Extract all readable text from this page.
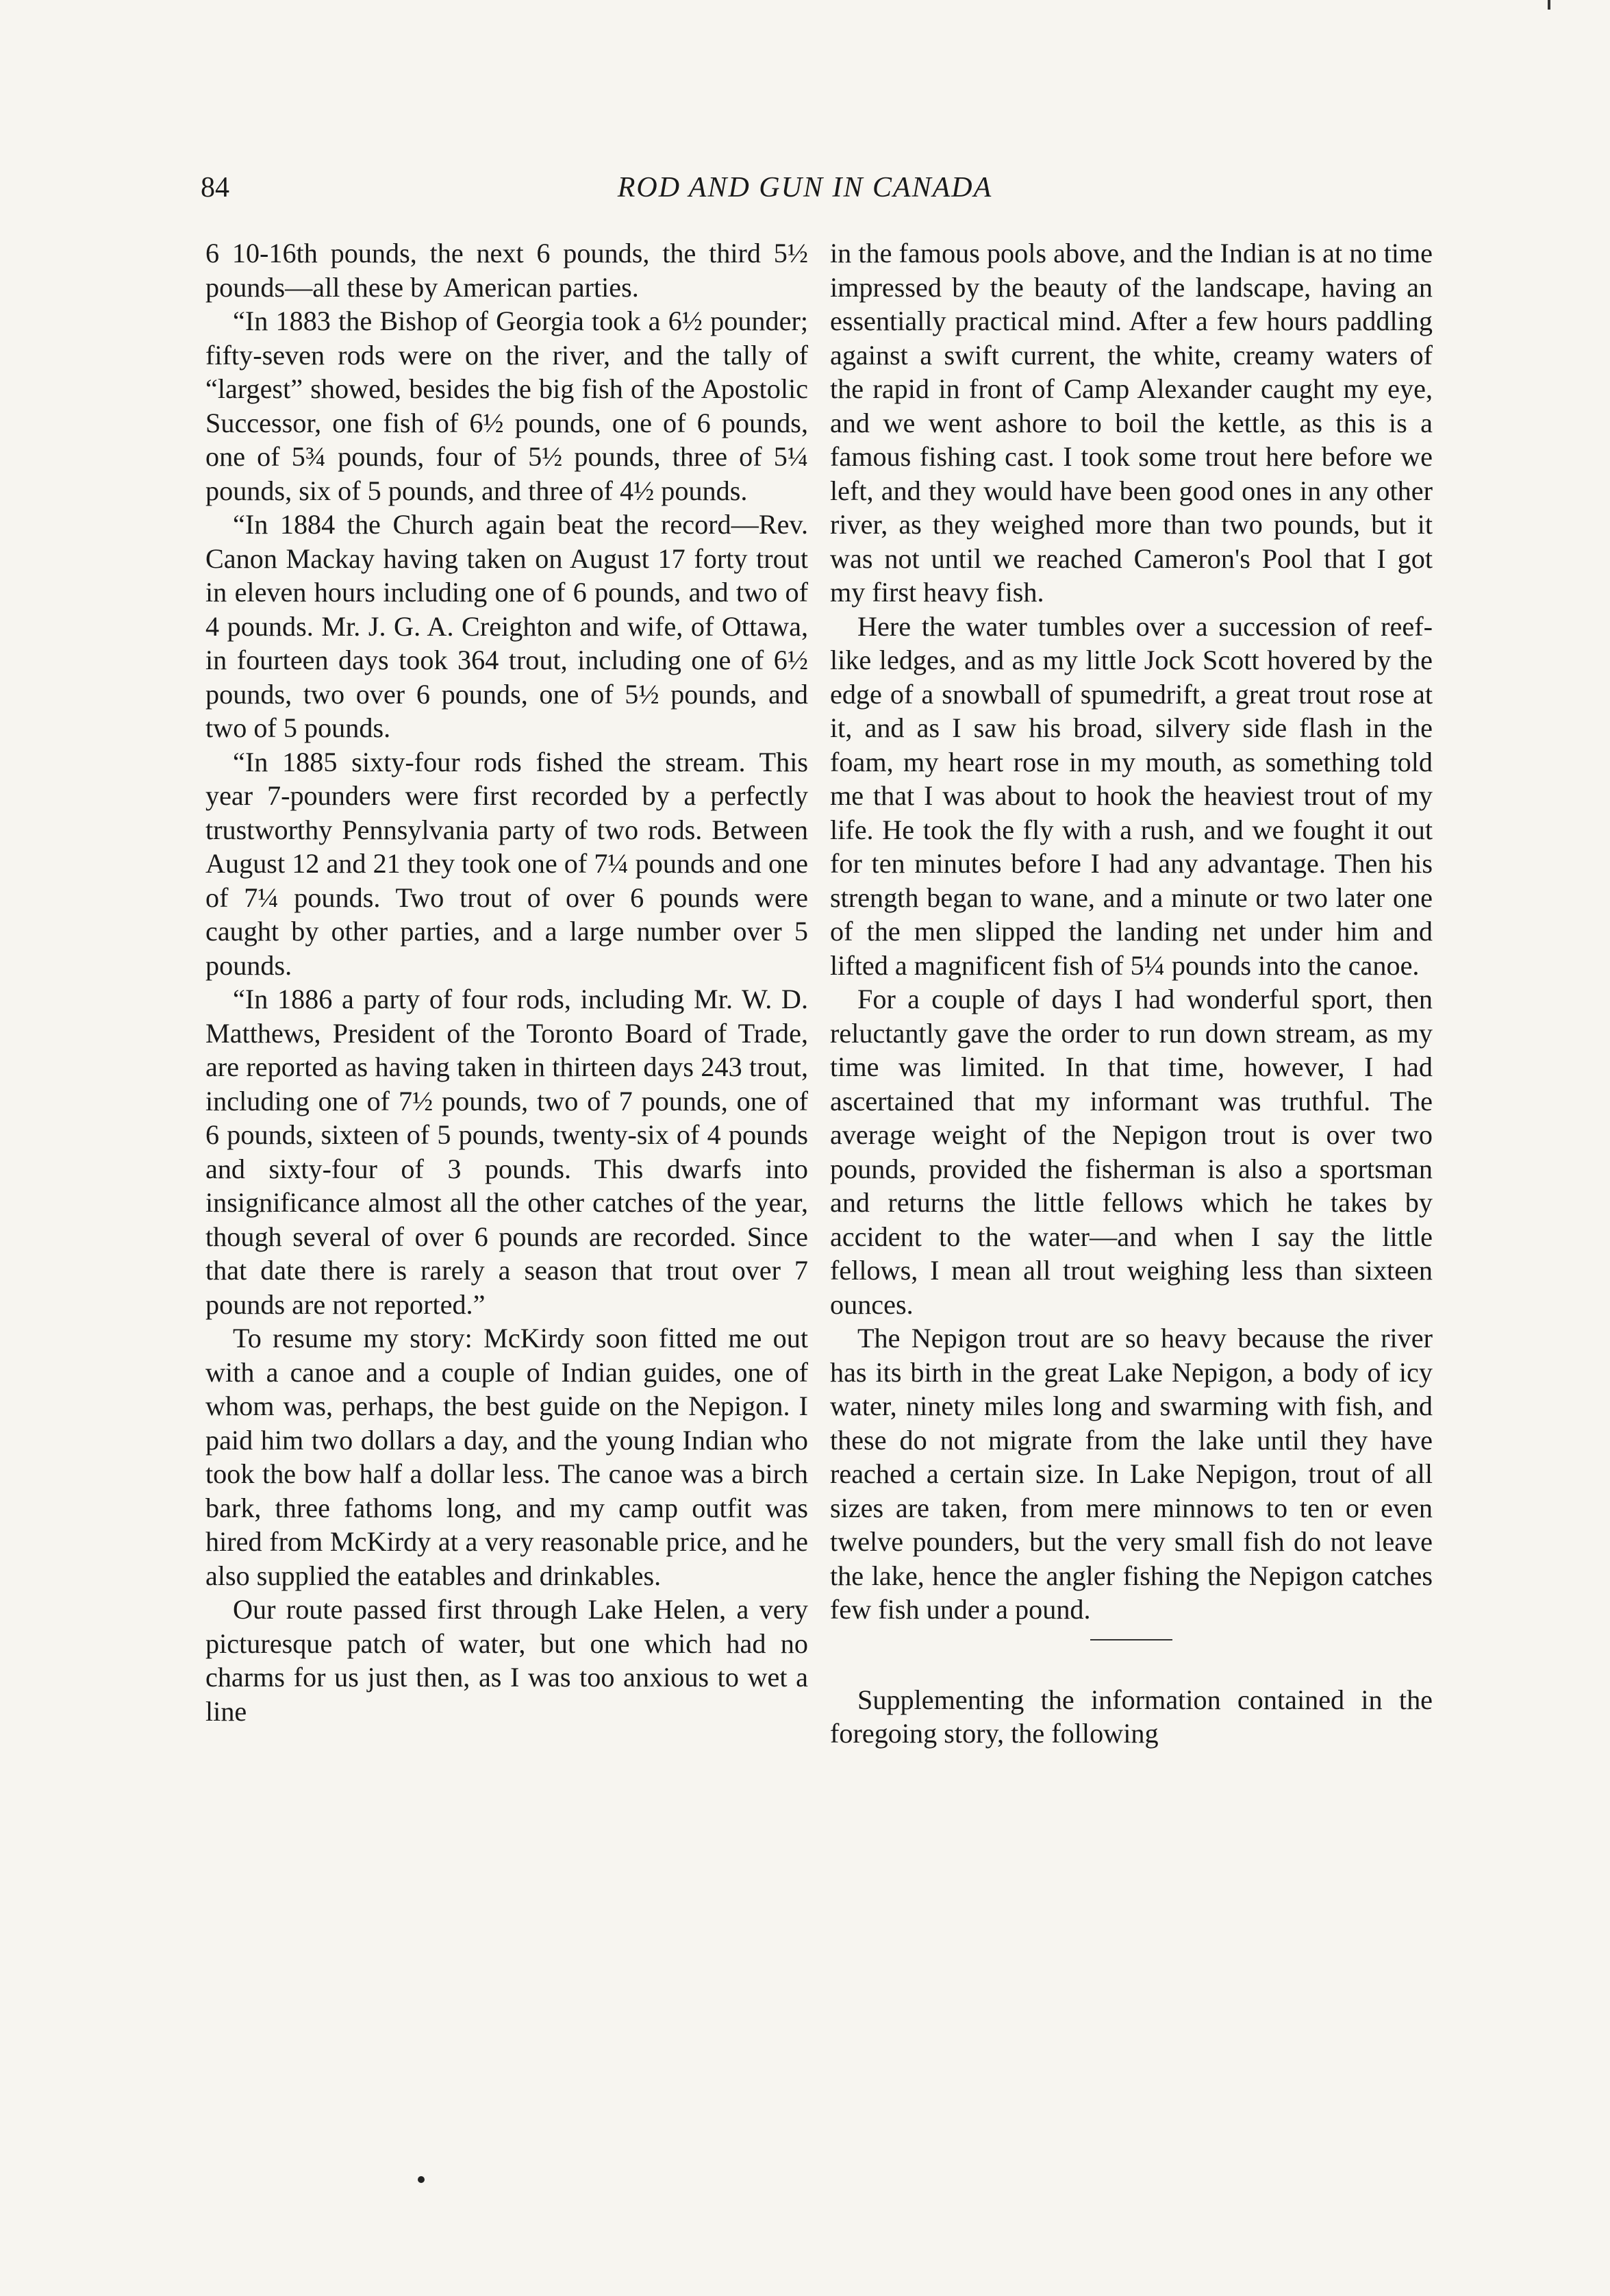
84	ROD AND GUN IN CANADA

6 10-16th pounds, the next 6 pounds, the third 5½ pounds—all these by American parties.

“In 1883 the Bishop of Georgia took a 6½ pounder; fifty-seven rods were on the river, and the tally of “largest” showed, besides the big fish of the Apostolic Successor, one fish of 6½ pounds, one of 6 pounds, one of 5¾ pounds, four of 5½ pounds, three of 5¼ pounds, six of 5 pounds, and three of 4½ pounds.

“In 1884 the Church again beat the record—Rev. Canon Mackay having taken on August 17 forty trout in eleven hours including one of 6 pounds, and two of 4 pounds. Mr. J. G. A. Creighton and wife, of Ottawa, in fourteen days took 364 trout, including one of 6½ pounds, two over 6 pounds, one of 5½ pounds, and two of 5 pounds.

“In 1885 sixty-four rods fished the stream. This year 7-pounders were first recorded by a perfectly trustworthy Pennsylvania party of two rods. Between August 12 and 21 they took one of 7¼ pounds and one of 7¼ pounds. Two trout of over 6 pounds were caught by other parties, and a large number over 5 pounds.

“In 1886 a party of four rods, including Mr. W. D. Matthews, President of the Toronto Board of Trade, are reported as having taken in thirteen days 243 trout, including one of 7½ pounds, two of 7 pounds, one of 6 pounds, sixteen of 5 pounds, twenty-six of 4 pounds and sixty-four of 3 pounds. This dwarfs into insignificance almost all the other catches of the year, though several of over 6 pounds are recorded. Since that date there is rarely a season that trout over 7 pounds are not reported.”

To resume my story: McKirdy soon fitted me out with a canoe and a couple of Indian guides, one of whom was, perhaps, the best guide on the Nepigon. I paid him two dollars a day, and the young Indian who took the bow half a dollar less. The canoe was a birch bark, three fathoms long, and my camp outfit was hired from McKirdy at a very reasonable price, and he also supplied the eatables and drinkables.

Our route passed first through Lake Helen, a very picturesque patch of water, but one which had no charms for us just then, as I was too anxious to wet a line

in the famous pools above, and the Indian is at no time impressed by the beauty of the landscape, having an essentially practical mind. After a few hours paddling against a swift current, the white, creamy waters of the rapid in front of Camp Alexander caught my eye, and we went ashore to boil the kettle, as this is a famous fishing cast. I took some trout here before we left, and they would have been good ones in any other river, as they weighed more than two pounds, but it was not until we reached Cameron's Pool that I got my first heavy fish.

Here the water tumbles over a succession of reef-like ledges, and as my little Jock Scott hovered by the edge of a snowball of spumedrift, a great trout rose at it, and as I saw his broad, silvery side flash in the foam, my heart rose in my mouth, as something told me that I was about to hook the heaviest trout of my life. He took the fly with a rush, and we fought it out for ten minutes before I had any advantage. Then his strength began to wane, and a minute or two later one of the men slipped the landing net under him and lifted a magnificent fish of 5¼ pounds into the canoe.

For a couple of days I had wonderful sport, then reluctantly gave the order to run down stream, as my time was limited. In that time, however, I had ascertained that my informant was truthful. The average weight of the Nepigon trout is over two pounds, provided the fisherman is also a sportsman and returns the little fellows which he takes by accident to the water—and when I say the little fellows, I mean all trout weighing less than sixteen ounces.

The Nepigon trout are so heavy because the river has its birth in the great Lake Nepigon, a body of icy water, ninety miles long and swarming with fish, and these do not migrate from the lake until they have reached a certain size. In Lake Nepigon, trout of all sizes are taken, from mere minnows to ten or even twelve pounders, but the very small fish do not leave the lake, hence the angler fishing the Nepigon catches few fish under a pound.

Supplementing the information contained in the foregoing story, the following
